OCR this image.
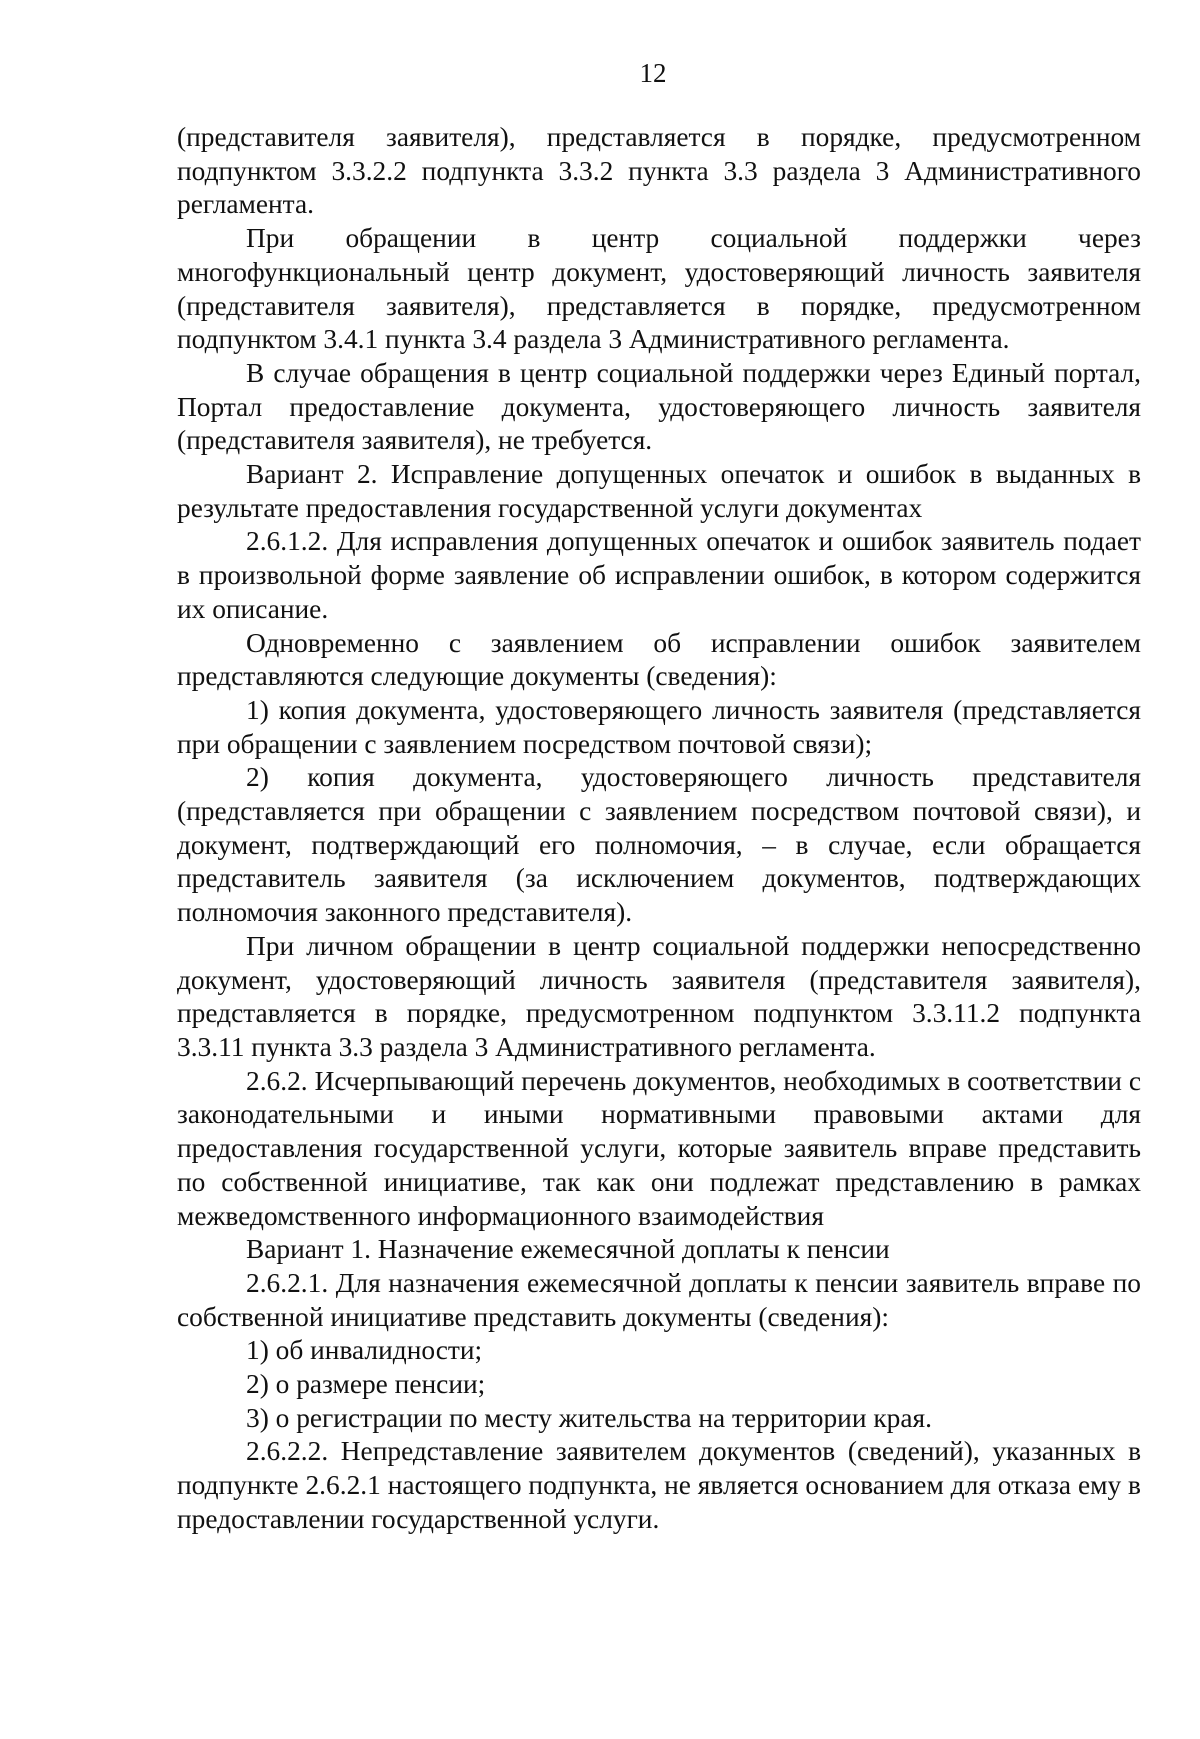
12

(представителя заявителя), представляется в порядке, предусмотренном подпунктом 3.3.2.2 подпункта 3.3.2 пункта 3.3 раздела 3 Административного регламента.

При обращении в центр социальной поддержки через многофункциональный центр документ, удостоверяющий личность заявителя (представителя заявителя), представляется в порядке, предусмотренном подпунктом 3.4.1 пункта 3.4 раздела 3 Административного регламента.

В случае обращения в центр социальной поддержки через Единый портал, Портал предоставление документа, удостоверяющего личность заявителя (представителя заявителя), не требуется.

Вариант 2. Исправление допущенных опечаток и ошибок в выданных в результате предоставления государственной услуги документах

2.6.1.2. Для исправления допущенных опечаток и ошибок заявитель подает в произвольной форме заявление об исправлении ошибок, в котором содержится их описание.

Одновременно с заявлением об исправлении ошибок заявителем представляются следующие документы (сведения):

1) копия документа, удостоверяющего личность заявителя (представляется при обращении с заявлением посредством почтовой связи);

2) копия документа, удостоверяющего личность представителя (представляется при обращении с заявлением посредством почтовой связи), и документ, подтверждающий его полномочия, – в случае, если обращается представитель заявителя (за исключением документов, подтверждающих полномочия законного представителя).

При личном обращении в центр социальной поддержки непосредственно документ, удостоверяющий личность заявителя (представителя заявителя), представляется в порядке, предусмотренном подпунктом 3.3.11.2 подпункта 3.3.11 пункта 3.3 раздела 3 Административного регламента.

2.6.2. Исчерпывающий перечень документов, необходимых в соответствии с законодательными и иными нормативными правовыми актами для предоставления государственной услуги, которые заявитель вправе представить по собственной инициативе, так как они подлежат представлению в рамках межведомственного информационного взаимодействия

Вариант 1. Назначение ежемесячной доплаты к пенсии

2.6.2.1. Для назначения ежемесячной доплаты к пенсии заявитель вправе по собственной инициативе представить документы (сведения):

1) об инвалидности;

2) о размере пенсии;

3) о регистрации по месту жительства на территории края.

2.6.2.2. Непредставление заявителем документов (сведений), указанных в подпункте 2.6.2.1 настоящего подпункта, не является основанием для отказа ему в предоставлении государственной услуги.
